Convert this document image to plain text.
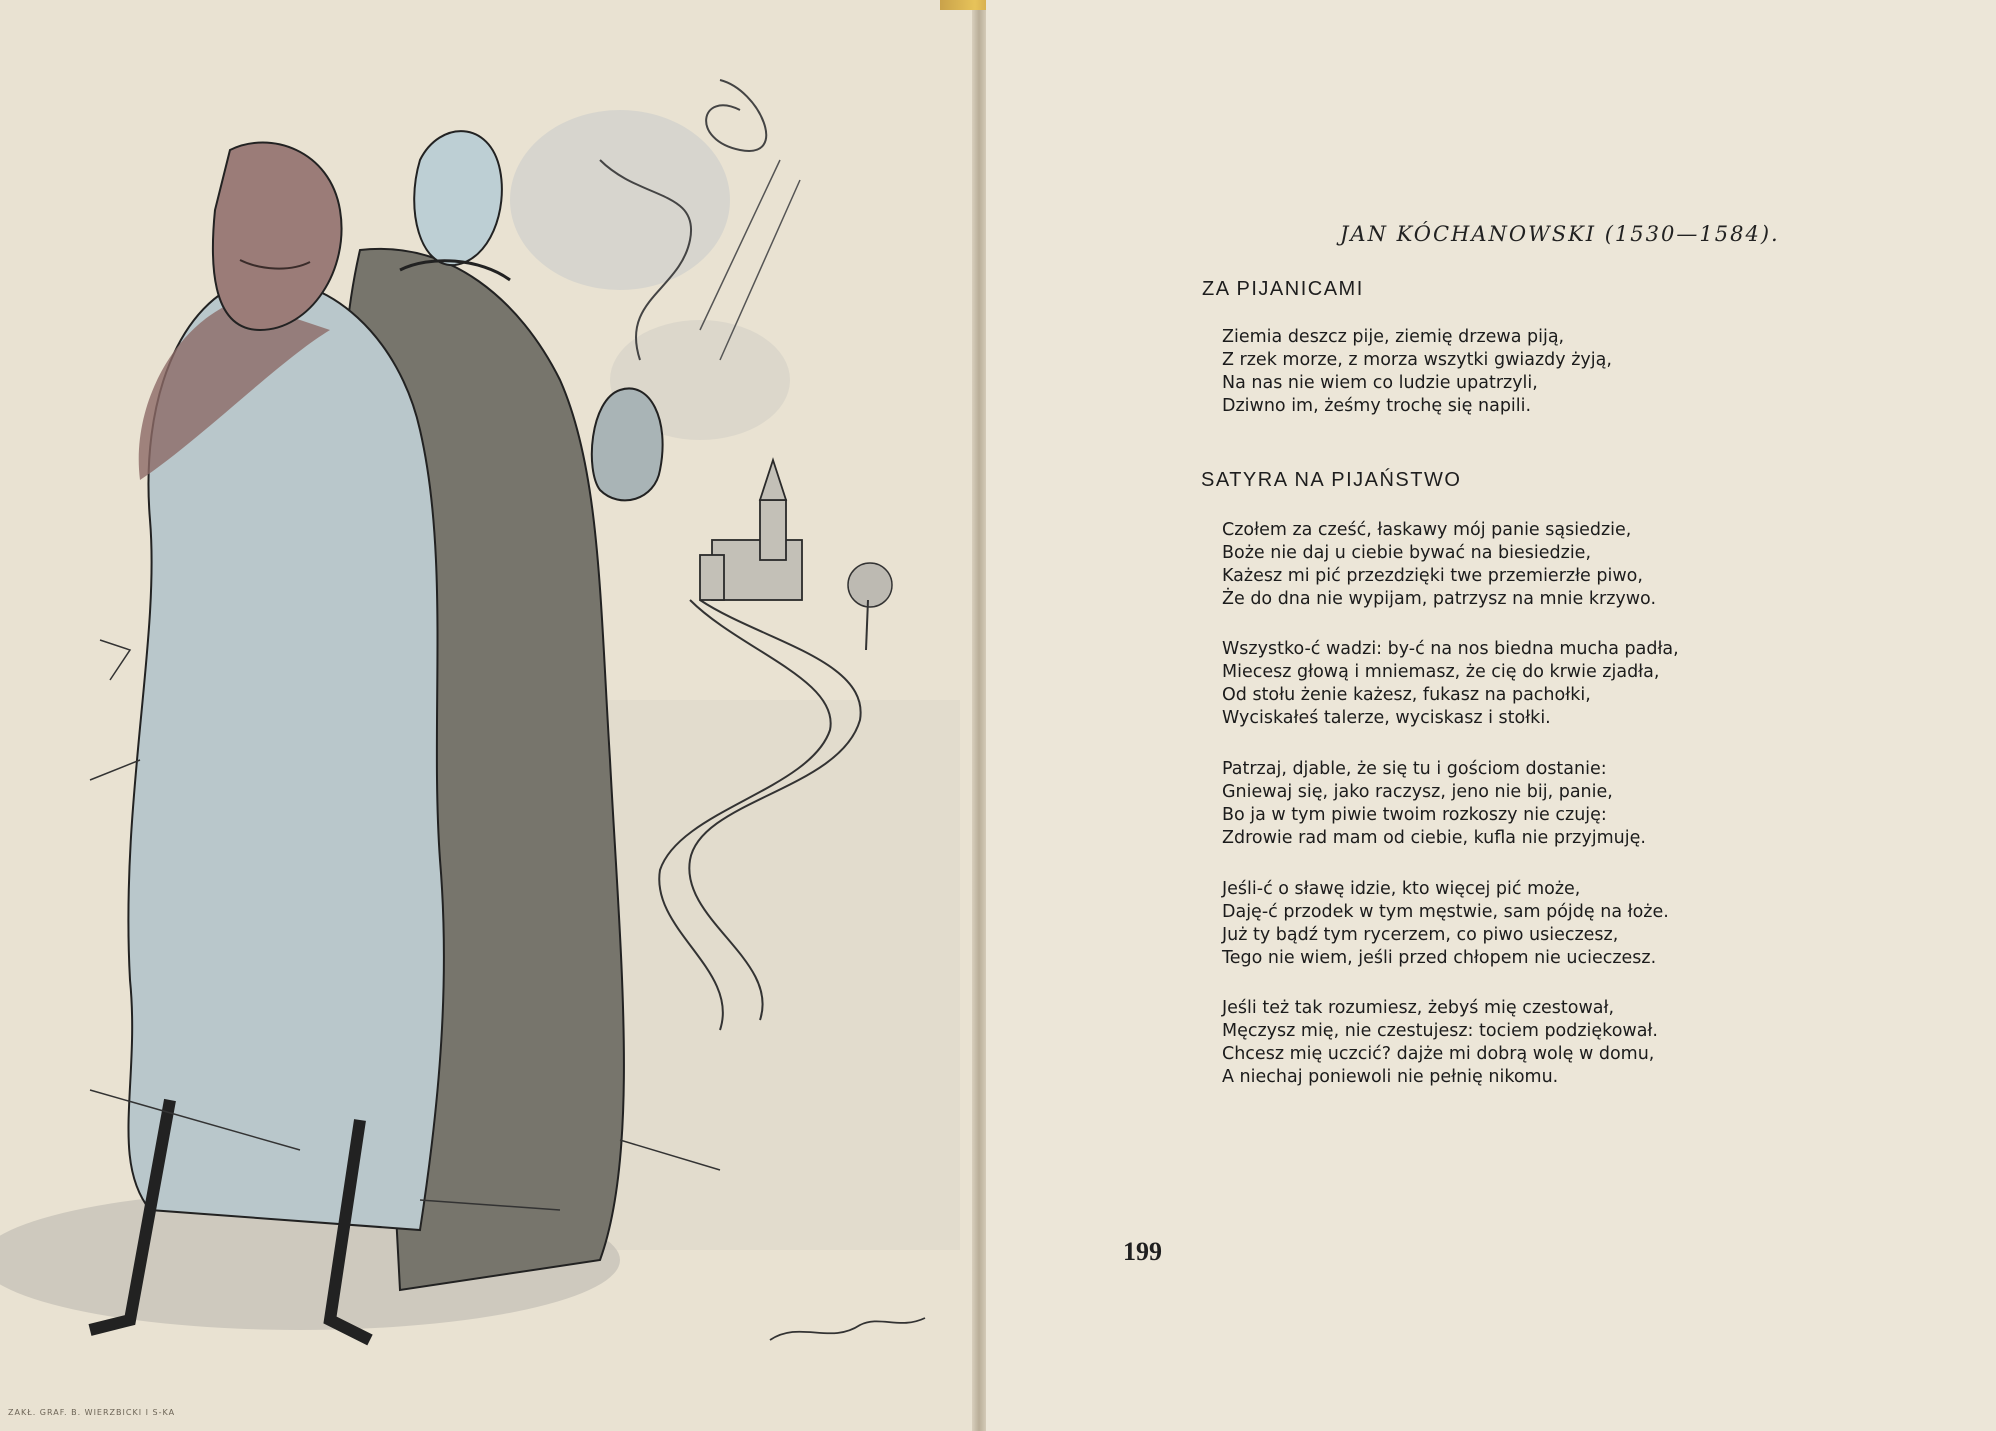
ZAKŁ. GRAF. B. WIERZBICKI I S-KA
JAN KÓCHANOWSKI (1530—1584).
ZA PIJANICAMI
Ziemia deszcz pije, ziemię drzewa piją,
Z rzek morze, z morza wszytki gwiazdy żyją,
Na nas nie wiem co ludzie upatrzyli,
Dziwno im, żeśmy trochę się napili.
SATYRA NA PIJAŃSTWO
Czołem za cześć, łaskawy mój panie sąsiedzie,
Boże nie daj u ciebie bywać na biesiedzie,
Każesz mi pić przezdzięki twe przemierzłe piwo,
Że do dna nie wypijam, patrzysz na mnie krzywo.
Wszystko-ć wadzi: by-ć na nos biedna mucha padła,
Miecesz głową i mniemasz, że cię do krwie zjadła,
Od stołu żenie każesz, fukasz na pachołki,
Wyciskałeś talerze, wyciskasz i stołki.
Patrzaj, djable, że się tu i gościom dostanie:
Gniewaj się, jako raczysz, jeno nie bij, panie,
Bo ja w tym piwie twoim rozkoszy nie czuję:
Zdrowie rad mam od ciebie, kufla nie przyjmuję.
Jeśli-ć o sławę idzie, kto więcej pić może,
Daję-ć przodek w tym męstwie, sam pójdę na łoże.
Już ty bądź tym rycerzem, co piwo usieczesz,
Tego nie wiem, jeśli przed chłopem nie ucieczesz.
Jeśli też tak rozumiesz, żebyś mię czestował,
Męczysz mię, nie czestujesz: tociem podziękował.
Chcesz mię uczcić? dajże mi dobrą wolę w domu,
A niechaj poniewoli nie pełnię nikomu.
199
